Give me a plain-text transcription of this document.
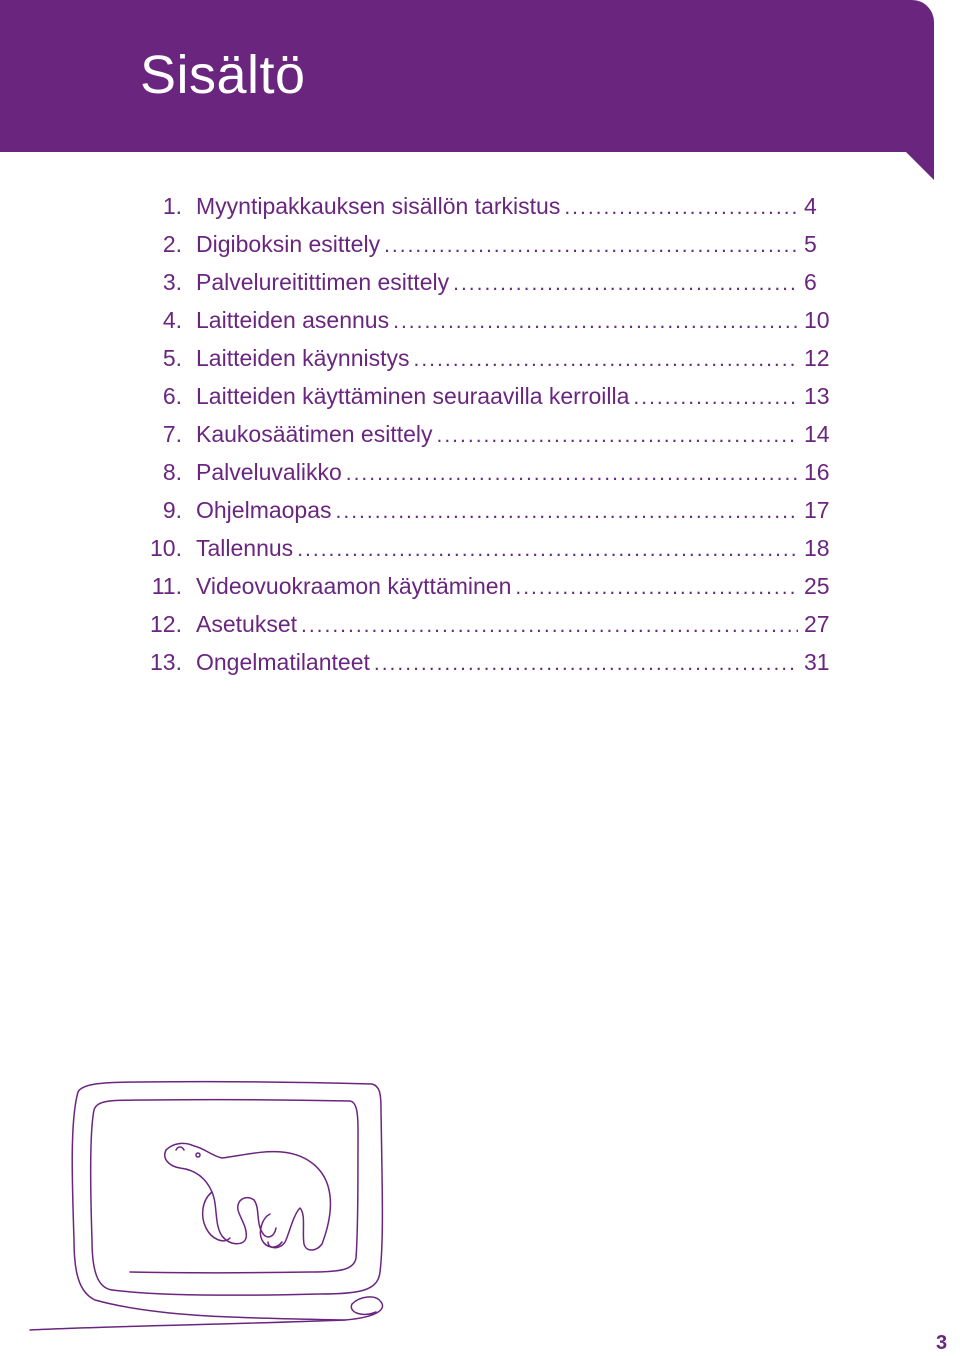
Sisältö
1. Myyntipakkauksen sisällön tarkistus .....	4
2. Digiboksin esittely .....	5
3. Palvelureitittimen esittely .....	6
4. Laitteiden asennus .....	10
5. Laitteiden käynnistys .....	12
6. Laitteiden käyttäminen seuraavilla kerroilla .....	13
7. Kaukosäätimen esittely .....	14
8. Palveluvalikko .....	16
9. Ohjelmaopas .....	17
10. Tallennus .....	18
11. Videovuokraamon käyttäminen .....	25
12. Asetukset .....	27
13. Ongelmatilanteet .....	31
3
